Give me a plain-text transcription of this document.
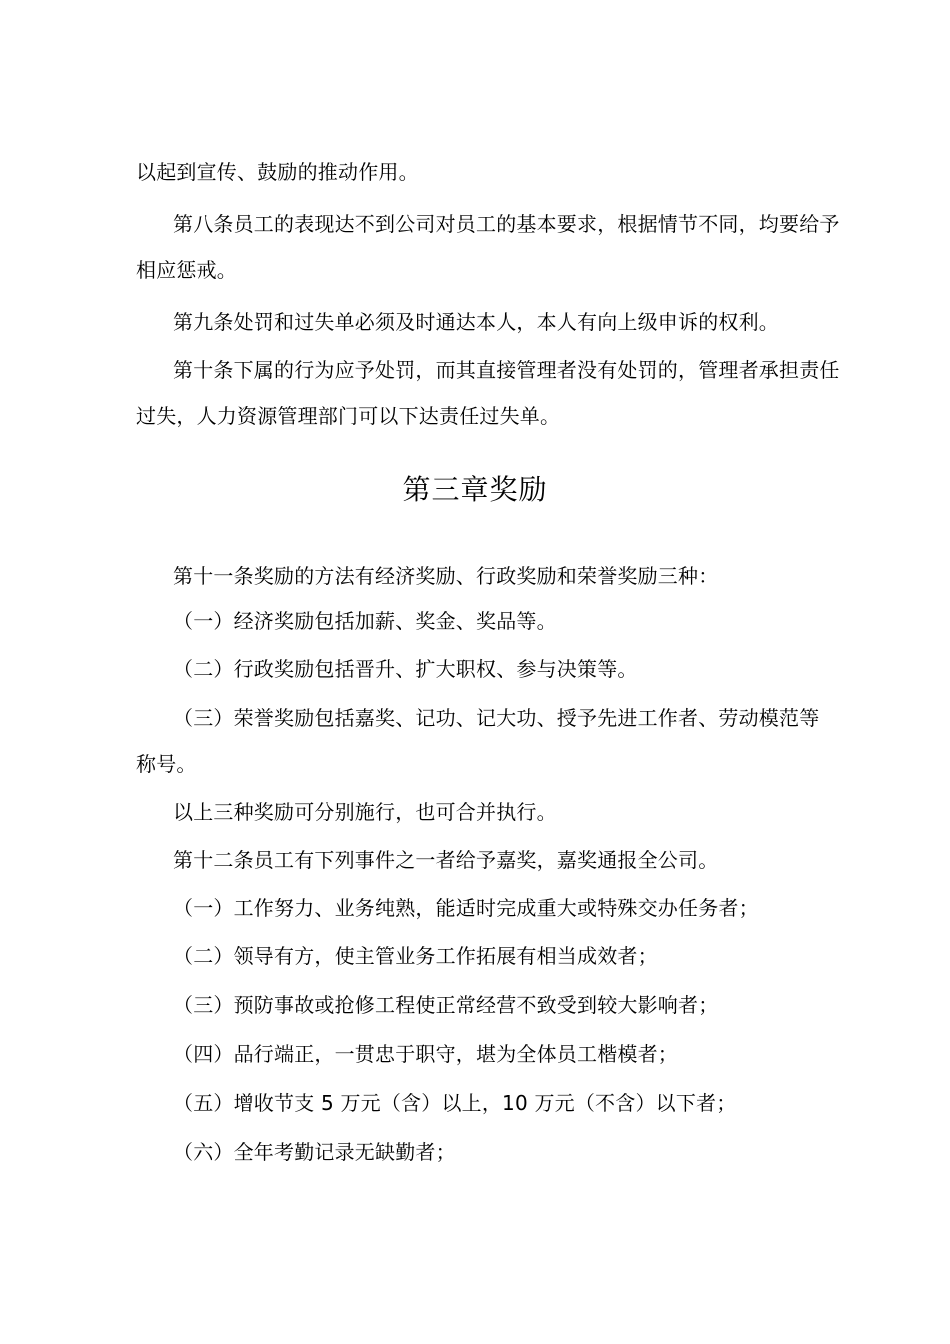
以起到宣传、鼓励的推动作用。
第八条员工的表现达不到公司对员工的基本要求，根据情节不同，均要给予
相应惩戒。
第九条处罚和过失单必须及时通达本人，本人有向上级申诉的权利。
第十条下属的行为应予处罚，而其直接管理者没有处罚的，管理者承担责任
过失，人力资源管理部门可以下达责任过失单。
第三章奖励
第十一条奖励的方法有经济奖励、行政奖励和荣誉奖励三种：
（一）经济奖励包括加薪、奖金、奖品等。
（二）行政奖励包括晋升、扩大职权、参与决策等。
（三）荣誉奖励包括嘉奖、记功、记大功、授予先进工作者、劳动模范等
称号。
以上三种奖励可分别施行，也可合并执行。
第十二条员工有下列事件之一者给予嘉奖，嘉奖通报全公司。
（一）工作努力、业务纯熟，能适时完成重大或特殊交办任务者；
（二）领导有方，使主管业务工作拓展有相当成效者；
（三）预防事故或抢修工程使正常经营不致受到较大影响者；
（四）品行端正，一贯忠于职守，堪为全体员工楷模者；
（五）增收节支 5 万元（含）以上，10 万元（不含）以下者；
（六）全年考勤记录无缺勤者；
